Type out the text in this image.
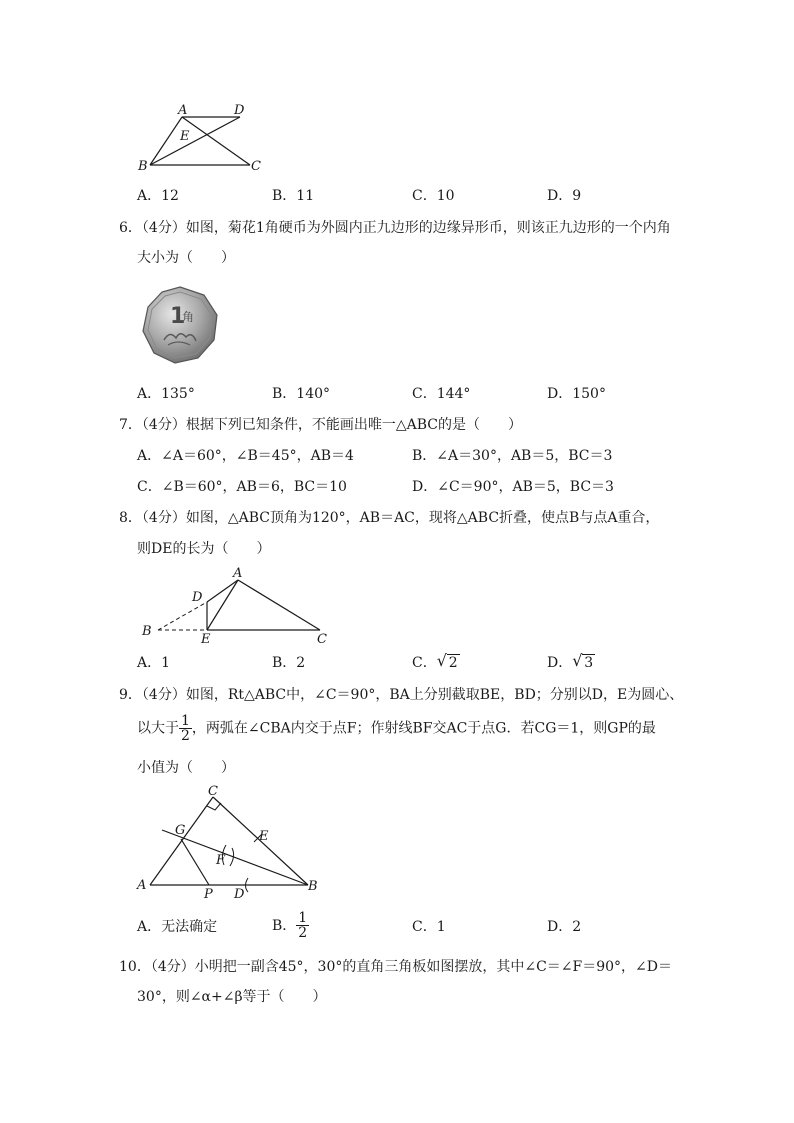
A	D
E
B	C
A．12	B．11	C．10	D．9
6．（4分）如图，菊花1角硬币为外圆内正九边形的边缘异形币，则该正九边形的一个内角
大小为（　　）
1
角
A．135°	B．140°	C．144°	D．150°
7．（4分）根据下列已知条件，不能画出唯一△ABC的是（　　）
A．∠A＝60°，∠B＝45°，AB＝4	B．∠A＝30°，AB＝5，BC＝3
C．∠B＝60°，AB＝6，BC＝10	D．∠C＝90°，AB＝5，BC＝3
8．（4分）如图，△ABC顶角为120°，AB＝AC，现将△ABC折叠，使点B与点A重合，
则DE的长为（　　）
A
D
B
E	C
A．1	B．2	C． √ 2	D． √ 3
9．（4分）如图，Rt△ABC中，∠C＝90°，BA上分别截取BE，BD；分别以D，E为圆心、
以大于 $\frac{1}{2}$ ，两弧在∠CBA内交于点F；作射线BF交AC于点G．若CG＝1，则GP的最
小值为（　　）
C
G	E
F
A
P D
B
A．无法确定	B． $\frac{1}{2}$	C．1	D．2
10．（4分）小明把一副含45°，30°的直角三角板如图摆放，其中∠C＝∠F＝90°，∠D＝
30°，则∠α+∠β等于（　　）
